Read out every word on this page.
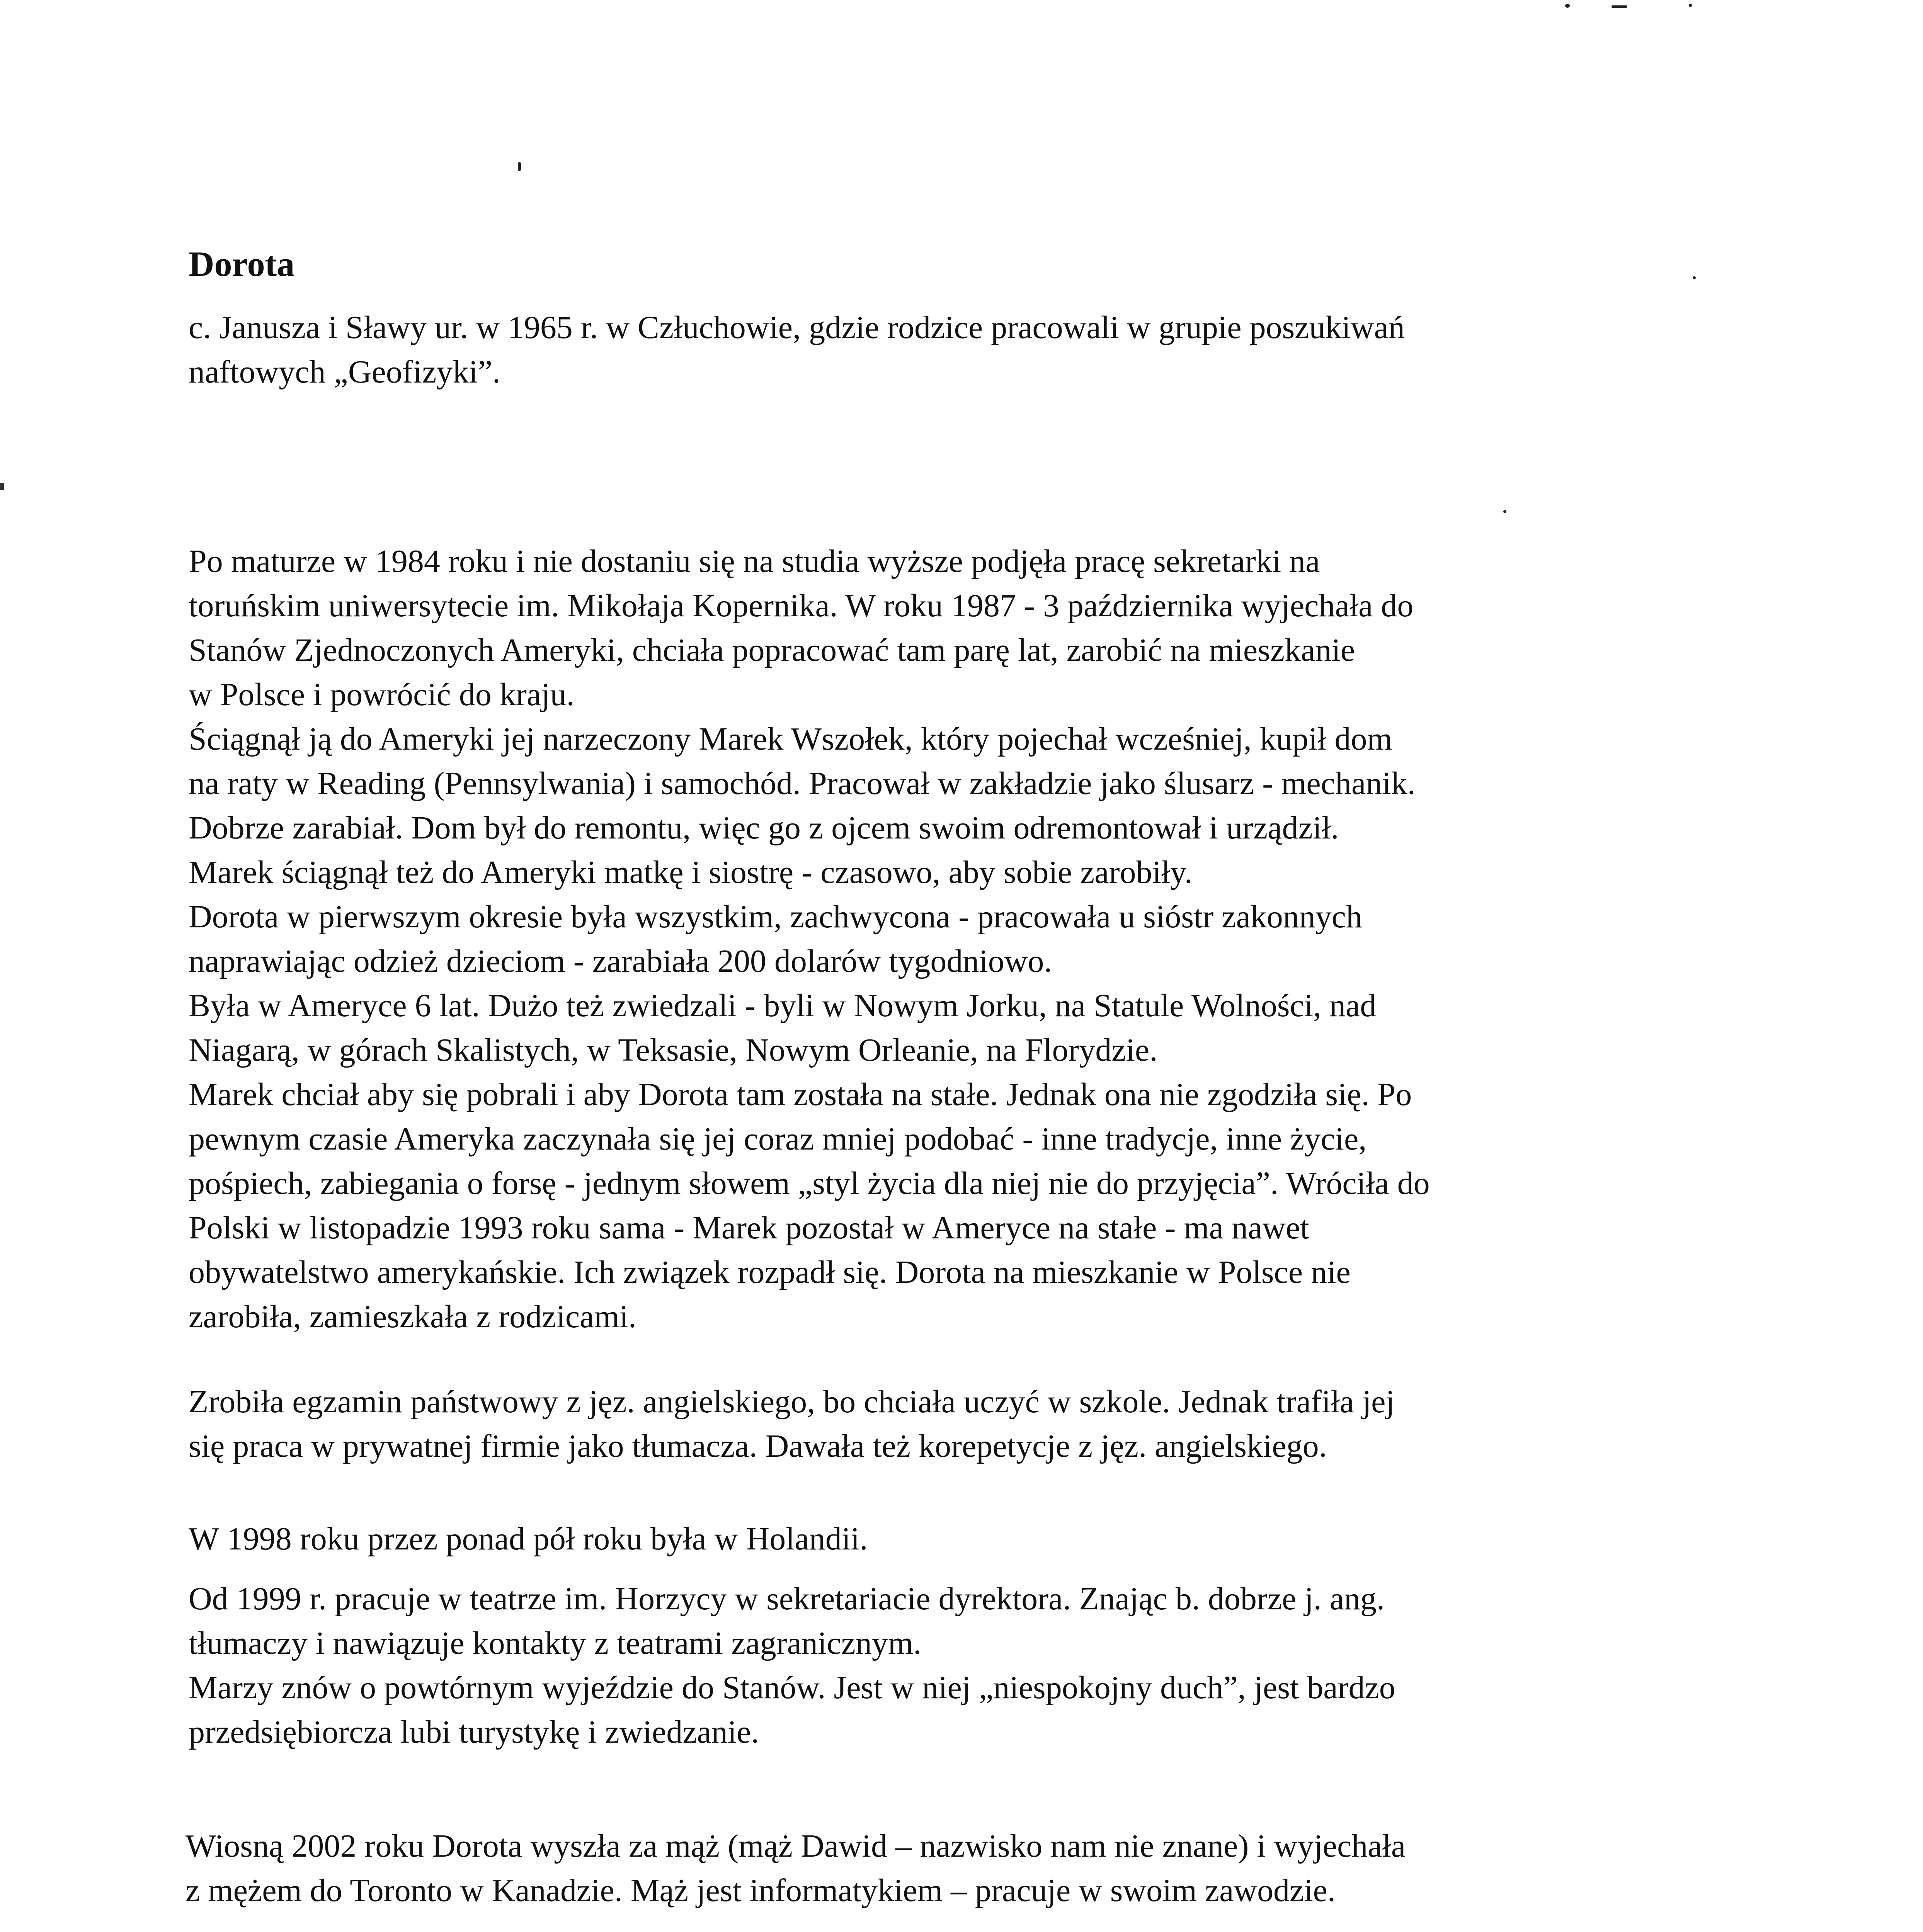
Dorota

c. Janusza i Sławy ur. w 1965 r. w Człuchowie, gdzie rodzice pracowali w grupie poszukiwań
naftowych „Geofizyki”.

Po maturze w 1984 roku i nie dostaniu się na studia wyższe podjęła pracę sekretarki na
toruńskim uniwersytecie im. Mikołaja Kopernika. W roku 1987 - 3 października wyjechała do
Stanów Zjednoczonych Ameryki, chciała popracować tam parę lat, zarobić na mieszkanie
w Polsce i powrócić do kraju.
Ściągnął ją do Ameryki jej narzeczony Marek Wszołek, który pojechał wcześniej, kupił dom
na raty w Reading (Pennsylwania) i samochód. Pracował w zakładzie jako ślusarz - mechanik.
Dobrze zarabiał. Dom był do remontu, więc go z ojcem swoim odremontował i urządził.
Marek ściągnął też do Ameryki matkę i siostrę - czasowo, aby sobie zarobiły.
Dorota w pierwszym okresie była wszystkim, zachwycona - pracowała u sióstr zakonnych
naprawiając odzież dzieciom - zarabiała 200 dolarów tygodniowo.
Była w Ameryce 6 lat. Dużo też zwiedzali - byli w Nowym Jorku, na Statule Wolności, nad
Niagarą, w górach Skalistych, w Teksasie, Nowym Orleanie, na Florydzie.
Marek chciał aby się pobrali i aby Dorota tam została na stałe. Jednak ona nie zgodziła się. Po
pewnym czasie Ameryka zaczynała się jej coraz mniej podobać - inne tradycje, inne życie,
pośpiech, zabiegania o forsę - jednym słowem „styl życia dla niej nie do przyjęcia”. Wróciła do
Polski w listopadzie 1993 roku sama - Marek pozostał w Ameryce na stałe - ma nawet
obywatelstwo amerykańskie. Ich związek rozpadł się. Dorota na mieszkanie w Polsce nie
zarobiła, zamieszkała z rodzicami.

Zrobiła egzamin państwowy z jęz. angielskiego, bo chciała uczyć w szkole. Jednak trafiła jej
się praca w prywatnej firmie jako tłumacza. Dawała też korepetycje z jęz. angielskiego.

W 1998 roku przez ponad pół roku była w Holandii.

Od 1999 r. pracuje w teatrze im. Horzycy w sekretariacie dyrektora. Znając b. dobrze j. ang.
tłumaczy i nawiązuje kontakty z teatrami zagranicznym.
Marzy znów o powtórnym wyjeździe do Stanów. Jest w niej „niespokojny duch”, jest bardzo
przedsiębiorcza lubi turystykę i zwiedzanie.

Wiosną 2002 roku Dorota wyszła za mąż (mąż Dawid – nazwisko nam nie znane) i wyjechała
z mężem do Toronto w Kanadzie. Mąż jest informatykiem – pracuje w swoim zawodzie.
